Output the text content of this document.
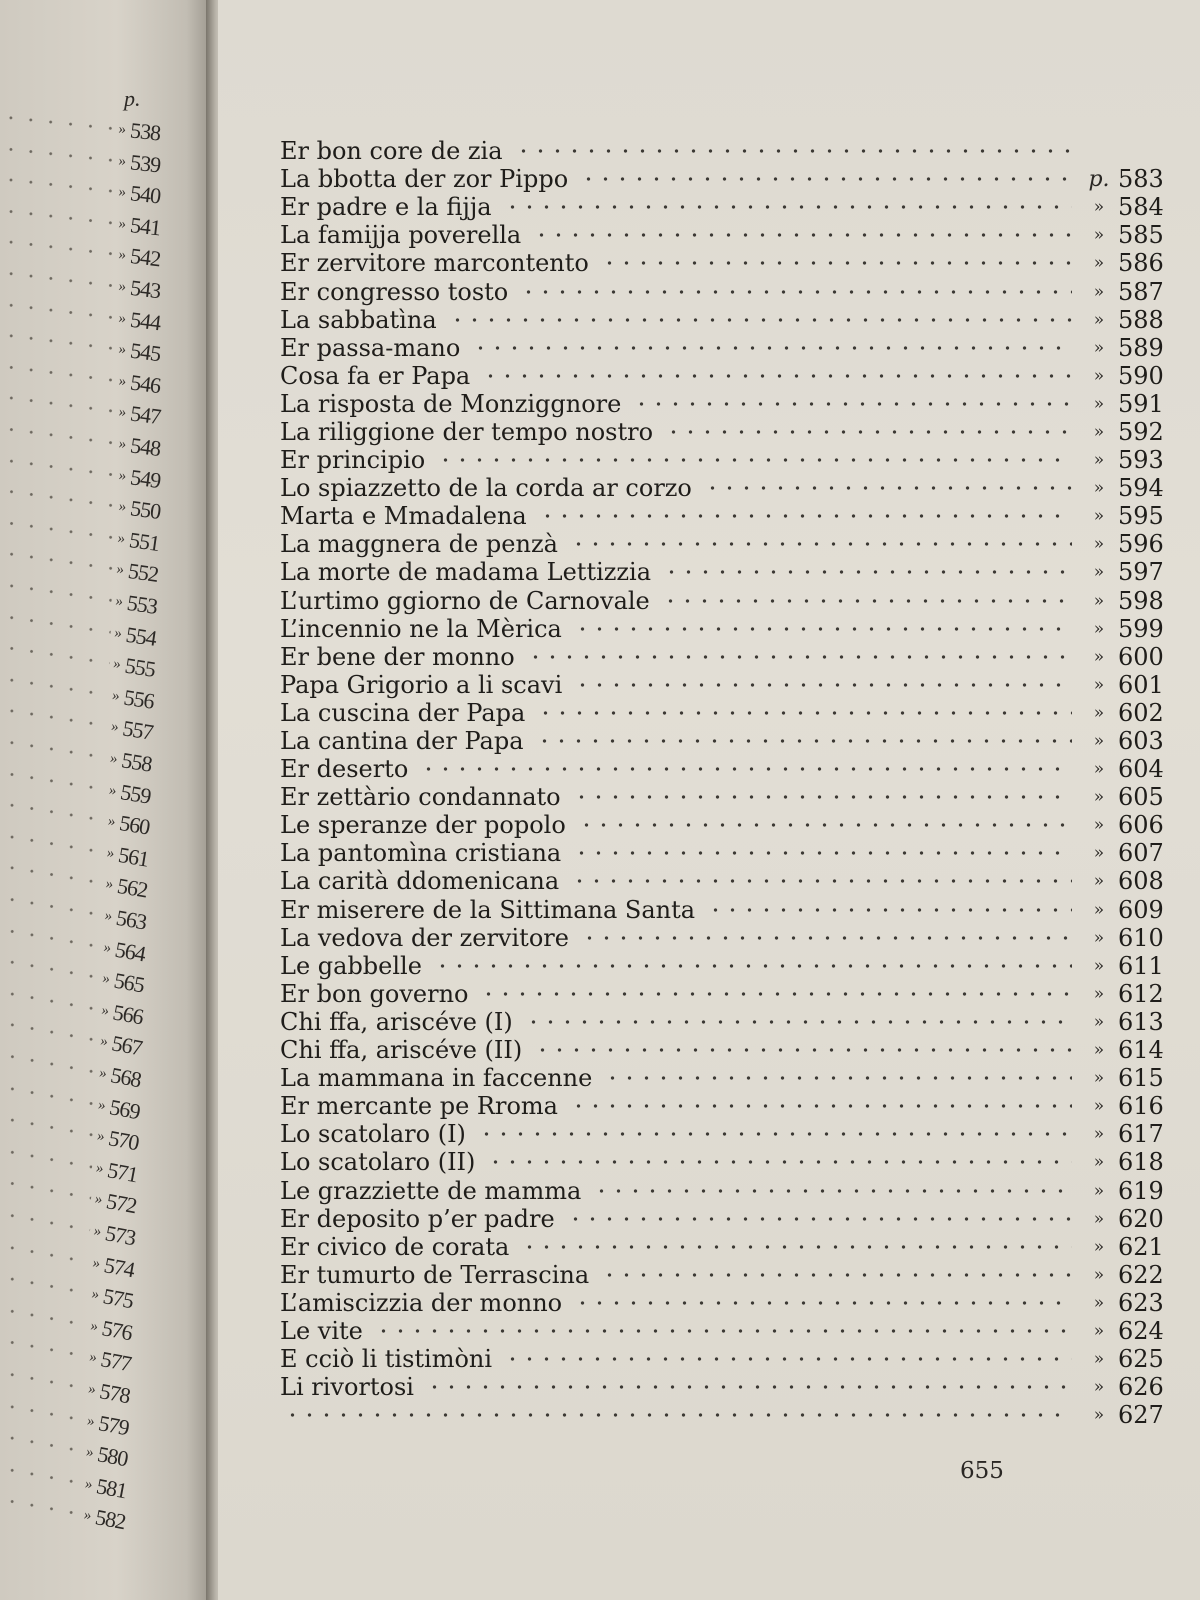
p.
» 538
» 539
» 540
» 541
» 542
» 543
» 544
» 545
» 546
» 547
» 548
» 549
» 550
» 551
» 552
» 553
» 554
» 555
» 556
» 557
» 558
» 559
» 560
» 561
» 562
» 563
» 564
» 565
» 566
» 567
» 568
» 569
» 570
» 571
» 572
» 573
» 574
» 575
» 576
» 577
» 578
» 579
» 580
» 581
» 582
Er bon core de zia
La bbotta der zor Pippo	p. 583
Er padre e la fijja	» 584
La famijja poverella	» 585
Er zervitore marcontento	» 586
Er congresso tosto	» 587
La sabbatìna	» 588
Er passa-mano	» 589
Cosa fa er Papa	» 590
La risposta de Monziggnore	» 591
La riliggione der tempo nostro	» 592
Er principio	» 593
Lo spiazzetto de la corda ar corzo	» 594
Marta e Mmadalena	» 595
La maggnera de penzà	» 596
La morte de madama Lettizzia	» 597
L’urtimo ggiorno de Carnovale	» 598
L’incennio ne la Mèrica	» 599
Er bene der monno	» 600
Papa Grigorio a li scavi	» 601
La cuscina der Papa	» 602
La cantina der Papa	» 603
Er deserto	» 604
Er zettàrio condannato	» 605
Le speranze der popolo	» 606
La pantomìna cristiana	» 607
La carità ddomenicana	» 608
Er miserere de la Sittimana Santa	» 609
La vedova der zervitore	» 610
Le gabbelle	» 611
Er bon governo	» 612
Chi ffa, ariscéve (I)	» 613
Chi ffa, ariscéve (II)	» 614
La mammana in faccenne	» 615
Er mercante pe Rroma	» 616
Lo scatolaro (I)	» 617
Lo scatolaro (II)	» 618
Le grazziette de mamma	» 619
Er deposito p’er padre	» 620
Er civico de corata	» 621
Er tumurto de Terrascina	» 622
L’amiscizzia der monno	» 623
Le vite	» 624
E cciò li tistimòni	» 625
Li rivortosi	» 626
» 627
655
